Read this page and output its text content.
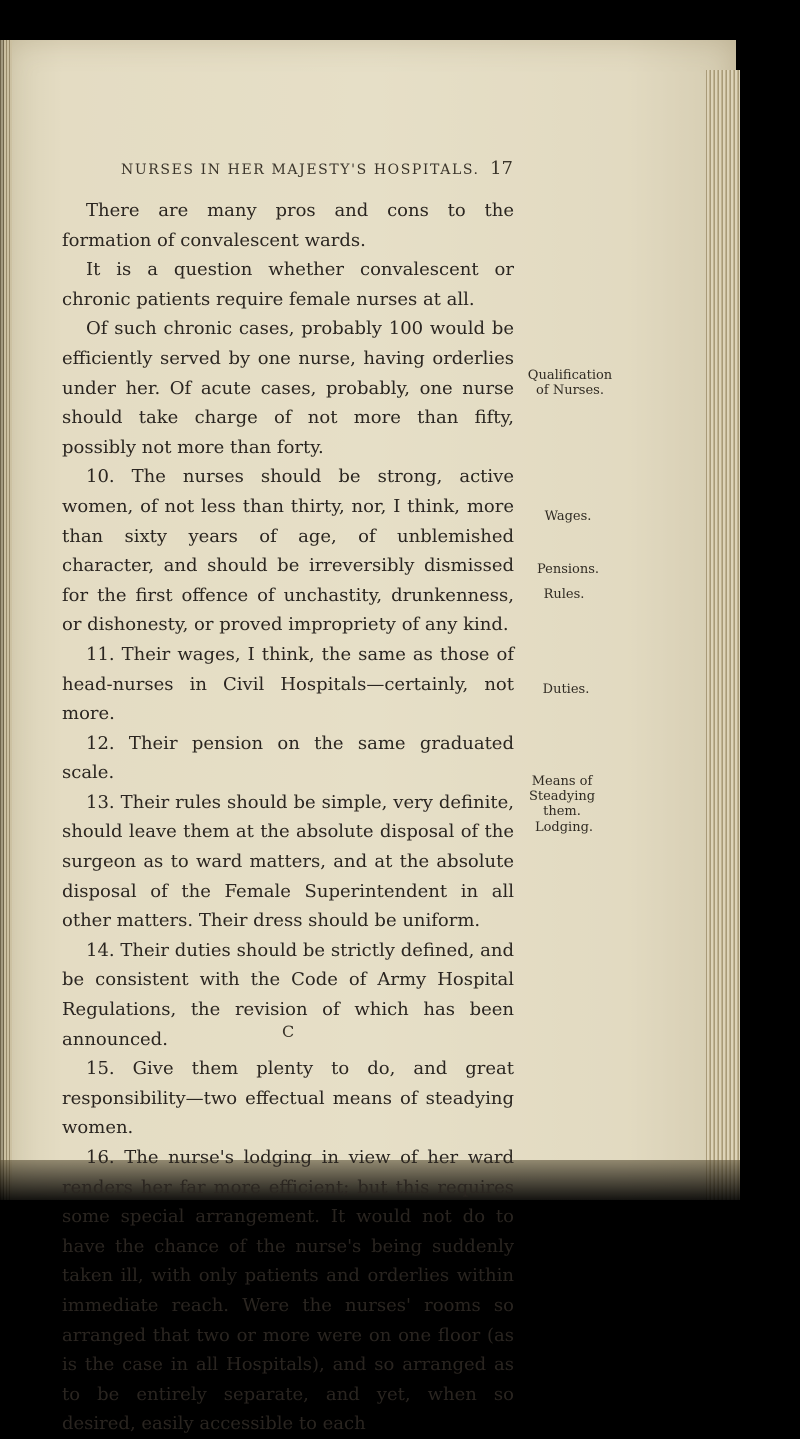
NURSES IN HER MAJESTY'S HOSPITALS. 17

There are many pros and cons to the formation of convalescent wards.

It is a question whether convalescent or chronic patients require female nurses at all.

Of such chronic cases, probably 100 would be efficiently served by one nurse, having orderlies under her. Of acute cases, probably, one nurse should take charge of not more than fifty, possibly not more than forty.

10. The nurses should be strong, active women, of not less than thirty, nor, I think, more than sixty years of age, of unblemished character, and should be irreversibly dismissed for the first offence of unchastity, drunkenness, or dishonesty, or proved impropriety of any kind.

11. Their wages, I think, the same as those of head-nurses in Civil Hospitals—certainly, not more.

12. Their pension on the same graduated scale.

13. Their rules should be simple, very definite, should leave them at the absolute disposal of the surgeon as to ward matters, and at the absolute disposal of the Female Superintendent in all other matters. Their dress should be uniform.

14. Their duties should be strictly defined, and be consistent with the Code of Army Hospital Regulations, the revision of which has been announced.

15. Give them plenty to do, and great responsibility—two effectual means of steadying women.

16. The nurse's lodging in view of her ward renders her far more efficient; but this requires some special arrangement. It would not do to have the chance of the nurse's being suddenly taken ill, with only patients and orderlies within immediate reach. Were the nurses' rooms so arranged that two or more were on one floor (as is the case in all Hospitals), and so arranged as to be entirely separate, and yet, when so desired, easily accessible to each

Qualification of Nurses.
Wages.
Pensions.
Rules.
Duties.
Means of Steadying them.
Lodging.
C
